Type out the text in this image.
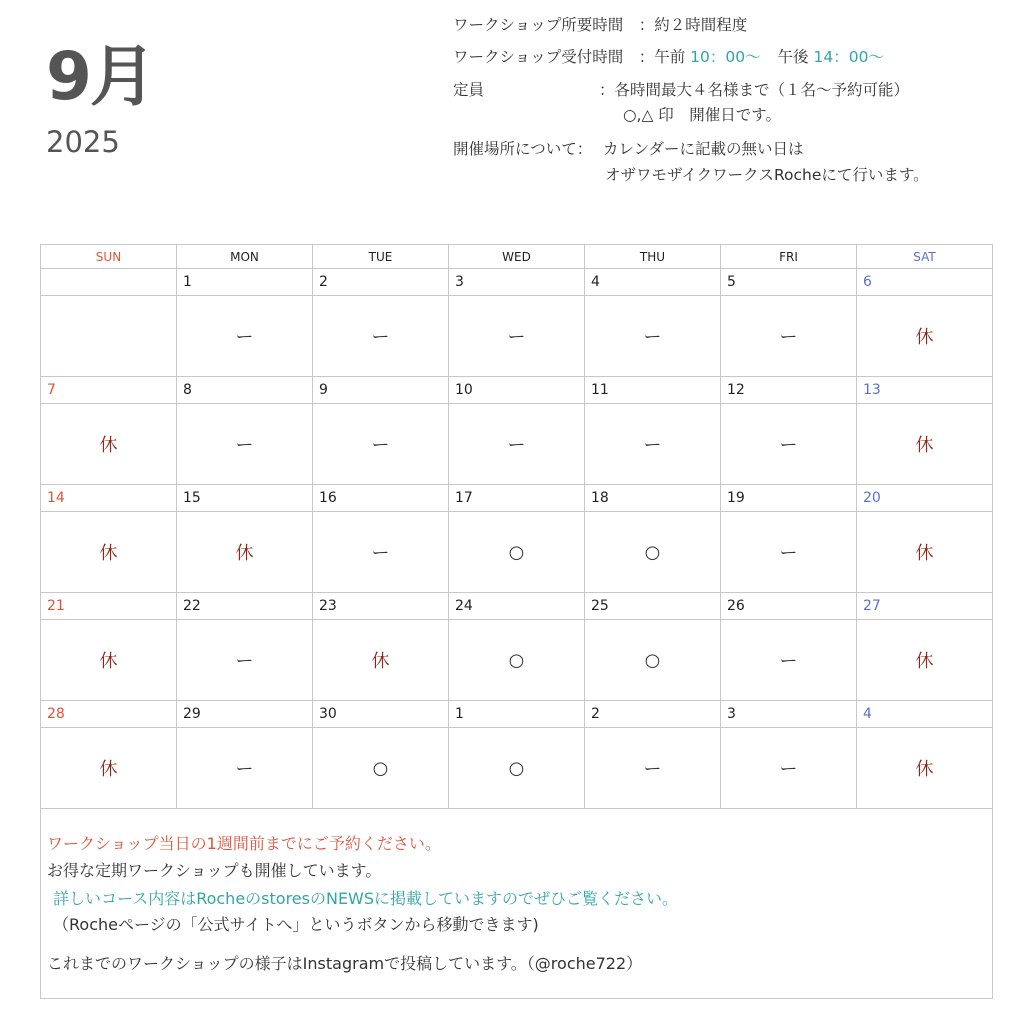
9月
2025
ワークショップ所要時間　：約２時間程度
ワークショップ受付時間　：午前 10：00〜 午後 14：00〜
定員	：各時間最大４名様まで（１名〜予約可能）
○,△ 印　開催日です。
開催場所について： カレンダーに記載の無い日は
オザワモザイクワークスRocheにて行います。
SUN	MON	TUE	WED	THU	FRI	SAT
	1	2	3	4	5	6
	ー	ー	ー	ー	ー	休
7	8	9	10	11	12	13
休	ー	ー	ー	ー	ー	休
14	15	16	17	18	19	20
休	休	ー	○	○	ー	休
21	22	23	24	25	26	27
休	ー	休	○	○	ー	休
28	29	30	1	2	3	4
休	ー	○	○	ー	ー	休
ワークショップ当日の1週間前までにご予約ください。
お得な定期ワークショップも開催しています。
詳しいコース内容はRocheのstoresのNEWSに掲載していますのでぜひご覧ください。
（Rocheページの「公式サイトへ」というボタンから移動できます)
これまでのワークショップの様子はInstagramで投稿しています。（@roche722）
